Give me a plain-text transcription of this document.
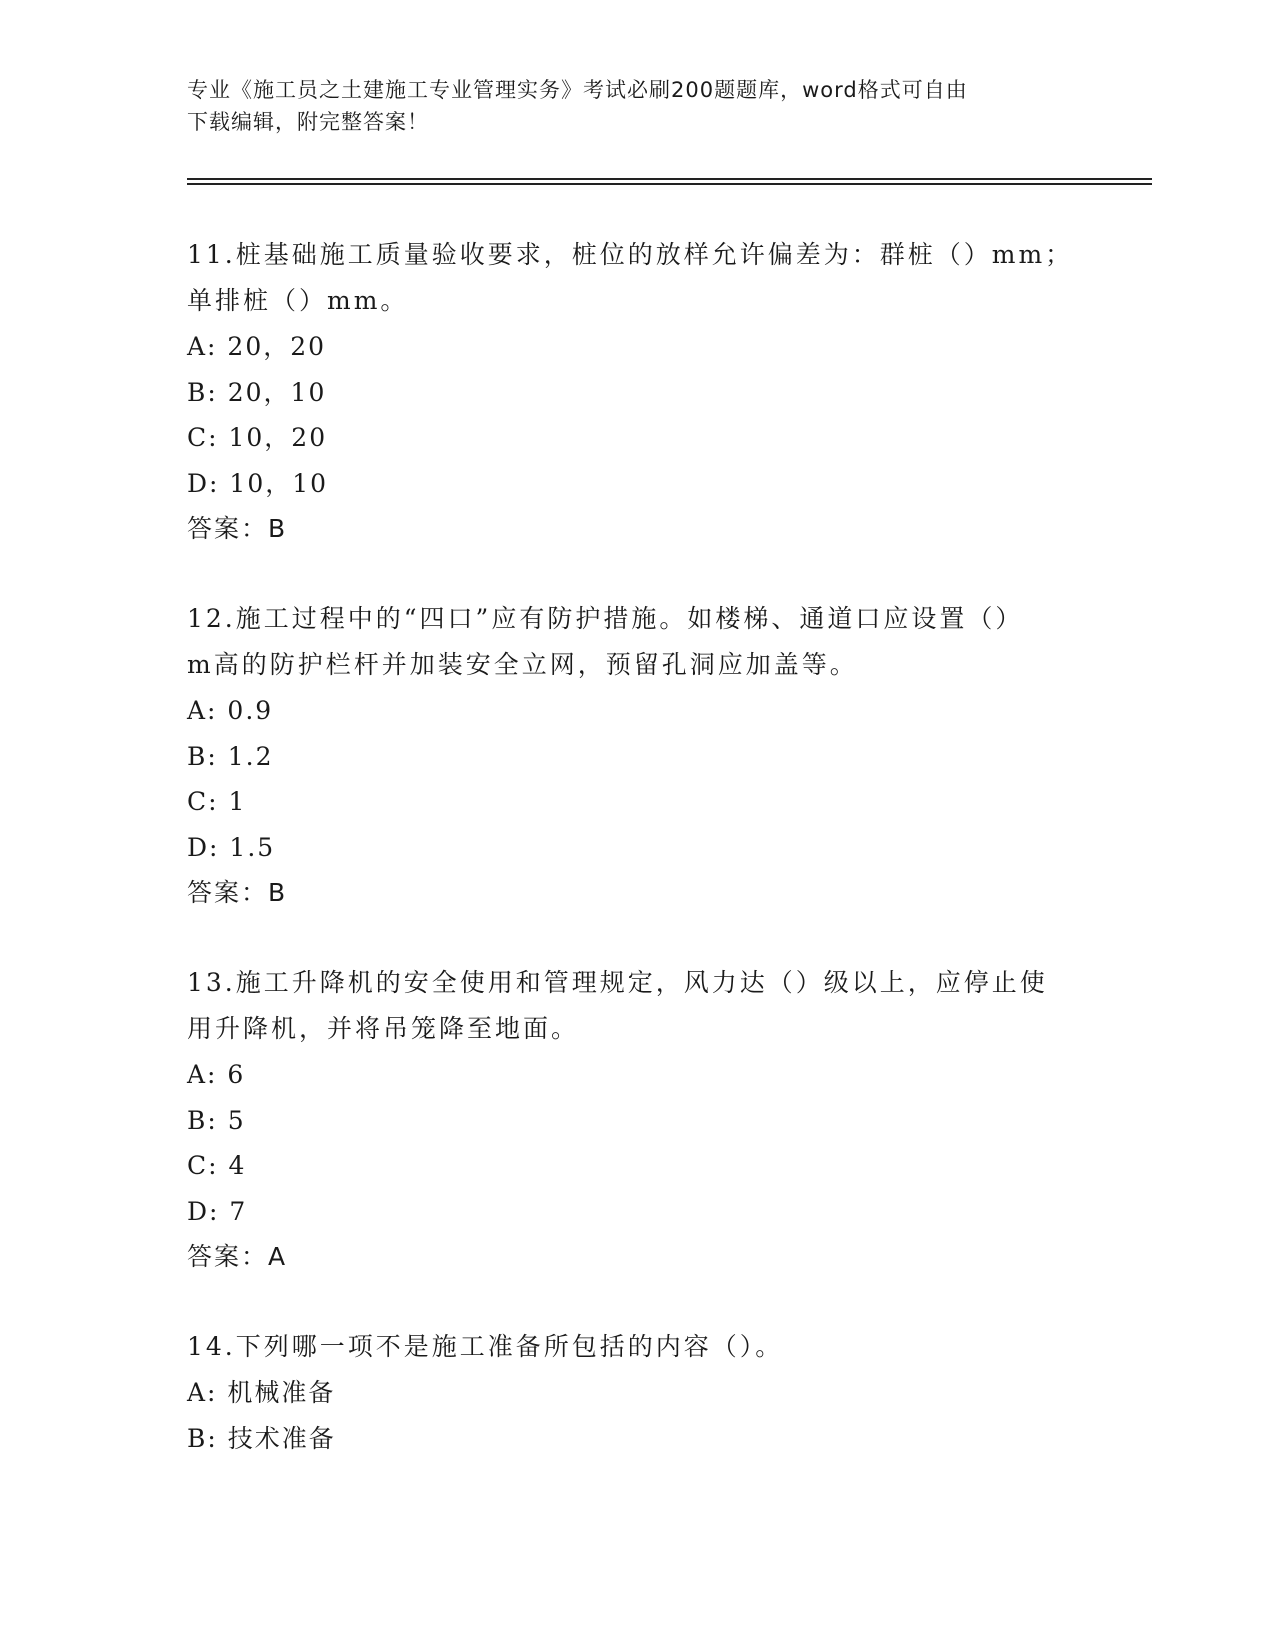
专业《施工员之土建施工专业管理实务》考试必刷200题题库，word格式可自由
下载编辑，附完整答案！
11.桩基础施工质量验收要求，桩位的放样允许偏差为：群桩（）mm；
单排桩（）mm。
A: 20，20
B: 20，10
C: 10，20
D: 10，10
答案：B
12.施工过程中的“四口”应有防护措施。如楼梯、通道口应设置（）
m高的防护栏杆并加装安全立网，预留孔洞应加盖等。
A: 0.9
B: 1.2
C: 1
D: 1.5
答案：B
13.施工升降机的安全使用和管理规定，风力达（）级以上，应停止使
用升降机，并将吊笼降至地面。
A: 6
B: 5
C: 4
D: 7
答案：A
14.下列哪一项不是施工准备所包括的内容（）。
A: 机械准备
B: 技术准备
